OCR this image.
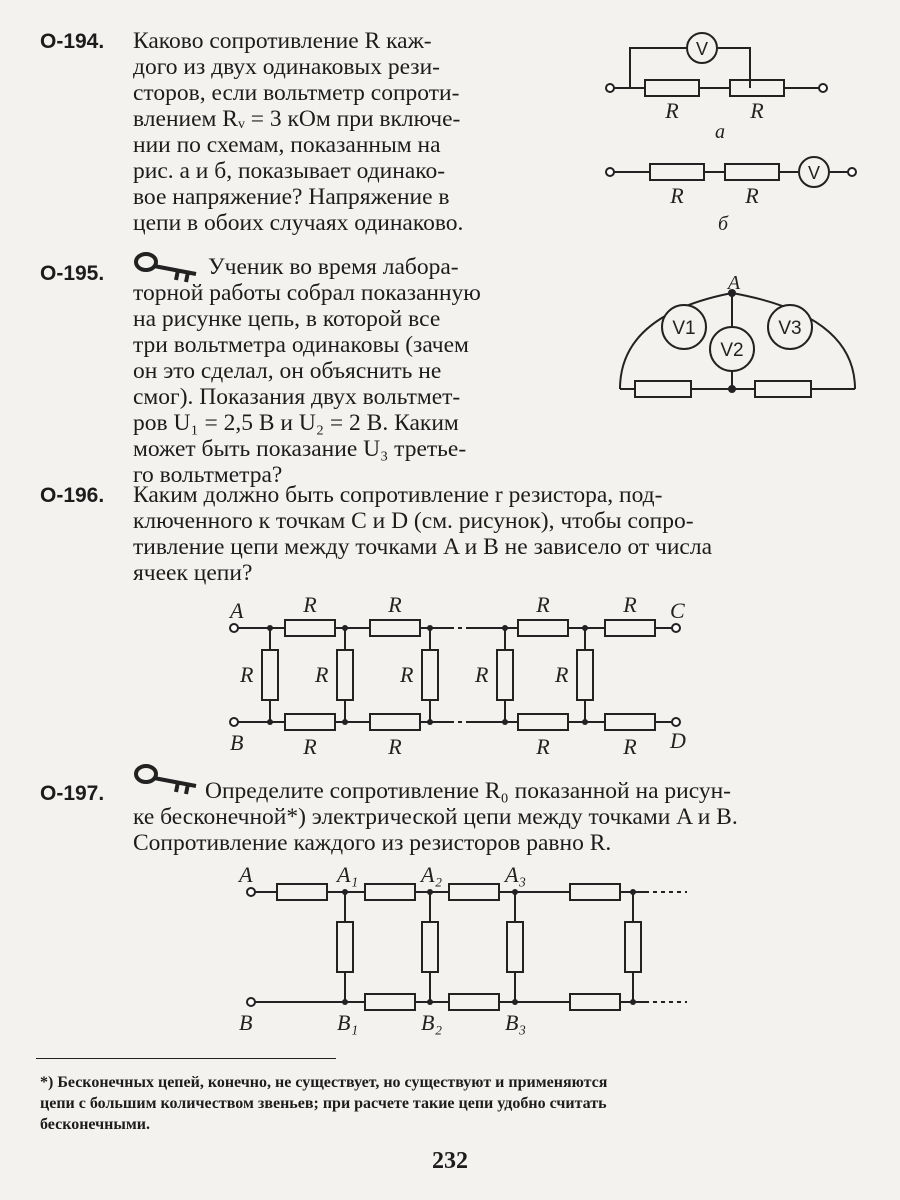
О-194. Каково сопротивление R каж-

дого из двух одинаковых рези-

сторов, если вольтметр сопроти-

влением Rᵥ = 3 кОм при включе-

нии по схемам, показанным на

рис. а и б, показывает одинако-

вое напряжение? Напряжение в

цепи в обоих случаях одинаково.

V
V
R	R
а
R	R
б
О-195.	Ученик во время лабора-

торной работы собрал показанную

на рисунке цепь, в которой все

три вольтметра одинаковы (зачем

он это сделал, он объяснить не

смог). Показания двух вольтмет-

ров U₁ = 2,5 В и U₂ = 2 В. Каким

может быть показание U₃ третье-

го вольтметра?

A
V1
V2
V3
О-196. Каким должно быть сопротивление r резистора, под-

ключенного к точкам C и D (см. рисунок), чтобы сопро-

тивление цепи между точками A и B не зависело от числа

ячеек цепи?

A
B
C
D
R	R	R	R
R	R	R	R	R
R	R	R	R
О-197.	Определите сопротивление R₀ показанной на рисун-

ке бесконечной*) электрической цепи между точками A и B.

Сопротивление каждого из резисторов равно R.

A
B
A₁	A₂	A₃
B₁	B₂	B₃

*) Бесконечных цепей, конечно, не существует, но существуют и применяются

цепи с большим количеством звеньев; при расчете такие цепи удобно считать

бесконечными.

232
